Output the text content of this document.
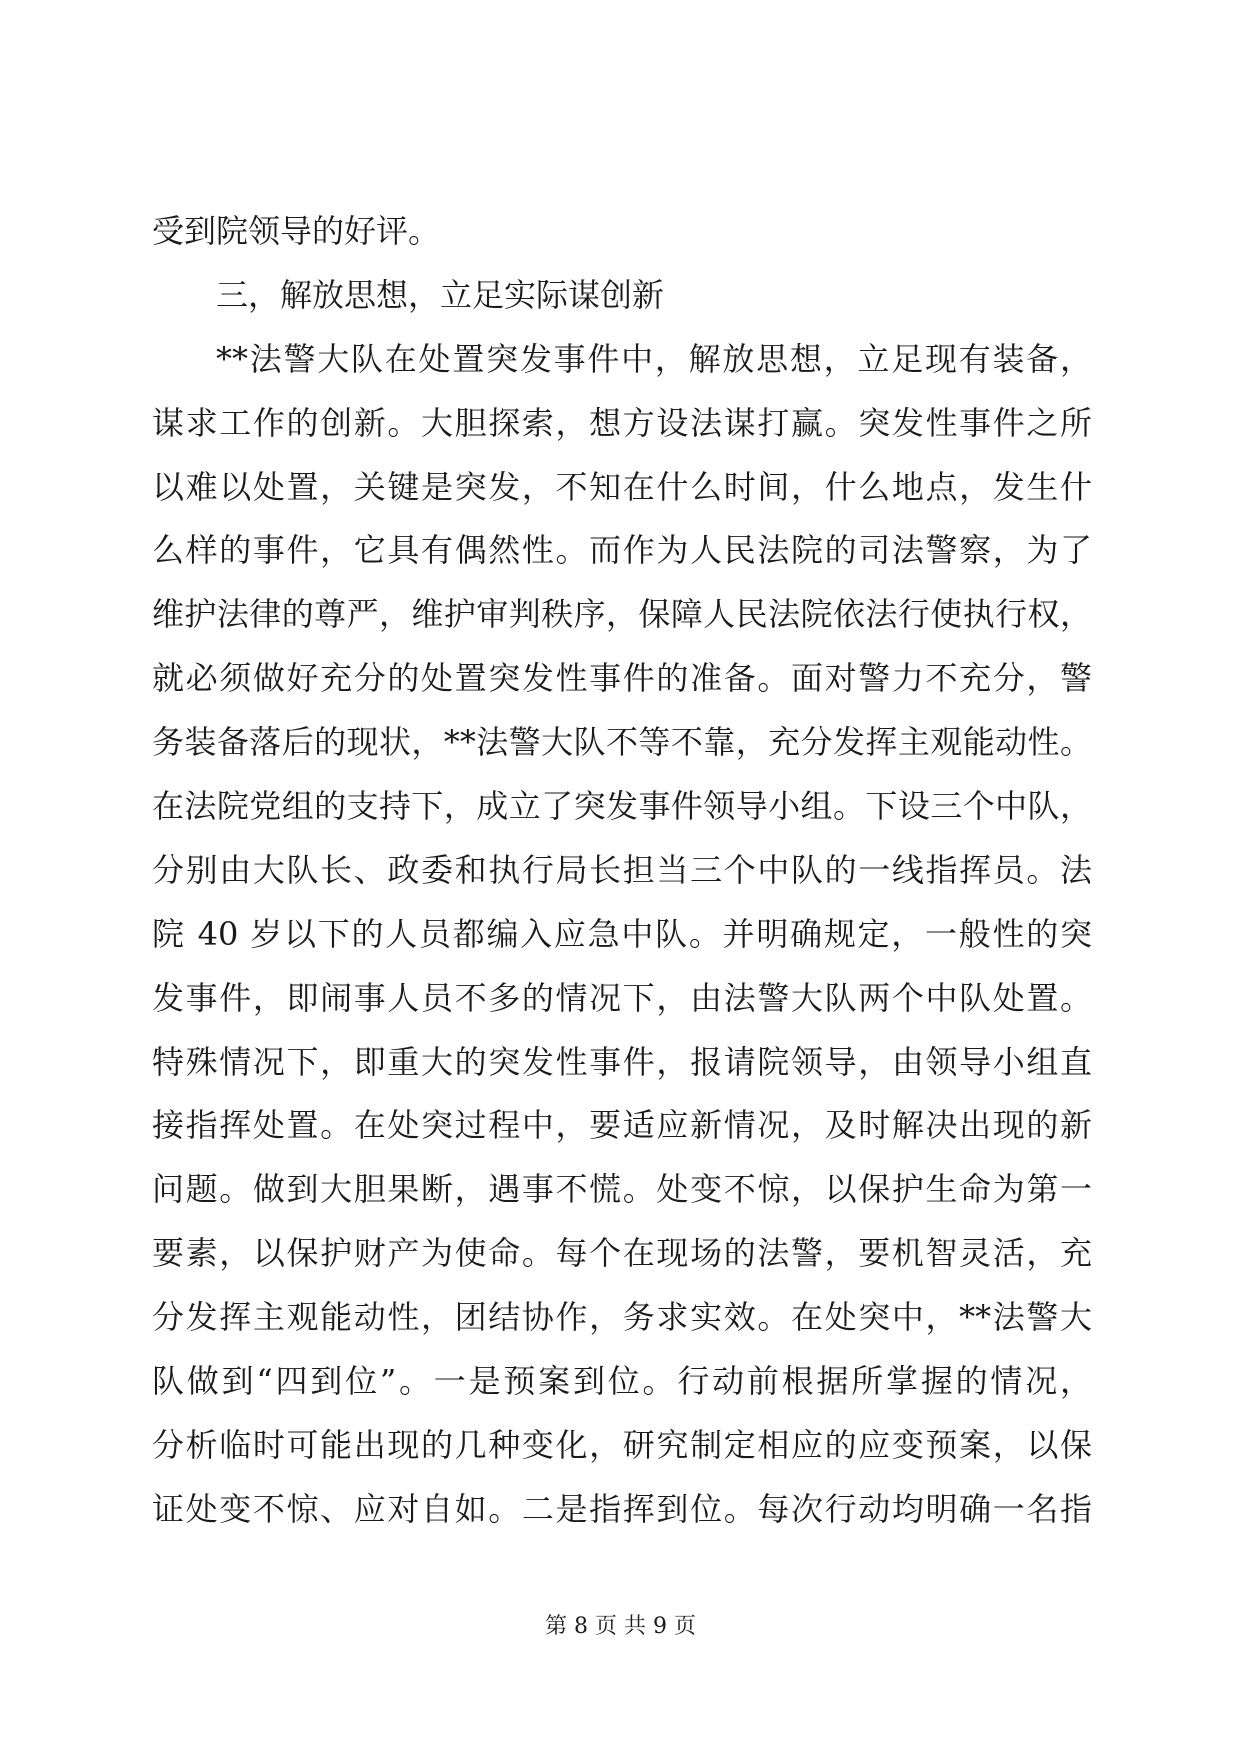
受到院领导的好评。
三，解放思想，立足实际谋创新
**法警大队在处置突发事件中，解放思想，立足现有装备，
谋求工作的创新。大胆探索，想方设法谋打赢。突发性事件之所
以难以处置，关键是突发，不知在什么时间，什么地点，发生什
么样的事件，它具有偶然性。而作为人民法院的司法警察，为了
维护法律的尊严，维护审判秩序，保障人民法院依法行使执行权，
就必须做好充分的处置突发性事件的准备。面对警力不充分，警
务装备落后的现状，**法警大队不等不靠，充分发挥主观能动性。
在法院党组的支持下，成立了突发事件领导小组。下设三个中队，
分别由大队长、政委和执行局长担当三个中队的一线指挥员。法
院 40 岁以下的人员都编入应急中队。并明确规定，一般性的突
发事件，即闹事人员不多的情况下，由法警大队两个中队处置。
特殊情况下，即重大的突发性事件，报请院领导，由领导小组直
接指挥处置。在处突过程中，要适应新情况，及时解决出现的新
问题。做到大胆果断，遇事不慌。处变不惊，以保护生命为第一
要素，以保护财产为使命。每个在现场的法警，要机智灵活，充
分发挥主观能动性，团结协作，务求实效。在处突中，**法警大
队做到“四到位”。一是预案到位。行动前根据所掌握的情况，
分析临时可能出现的几种变化，研究制定相应的应变预案，以保
证处变不惊、应对自如。二是指挥到位。每次行动均明确一名指
第 8 页 共 9 页
